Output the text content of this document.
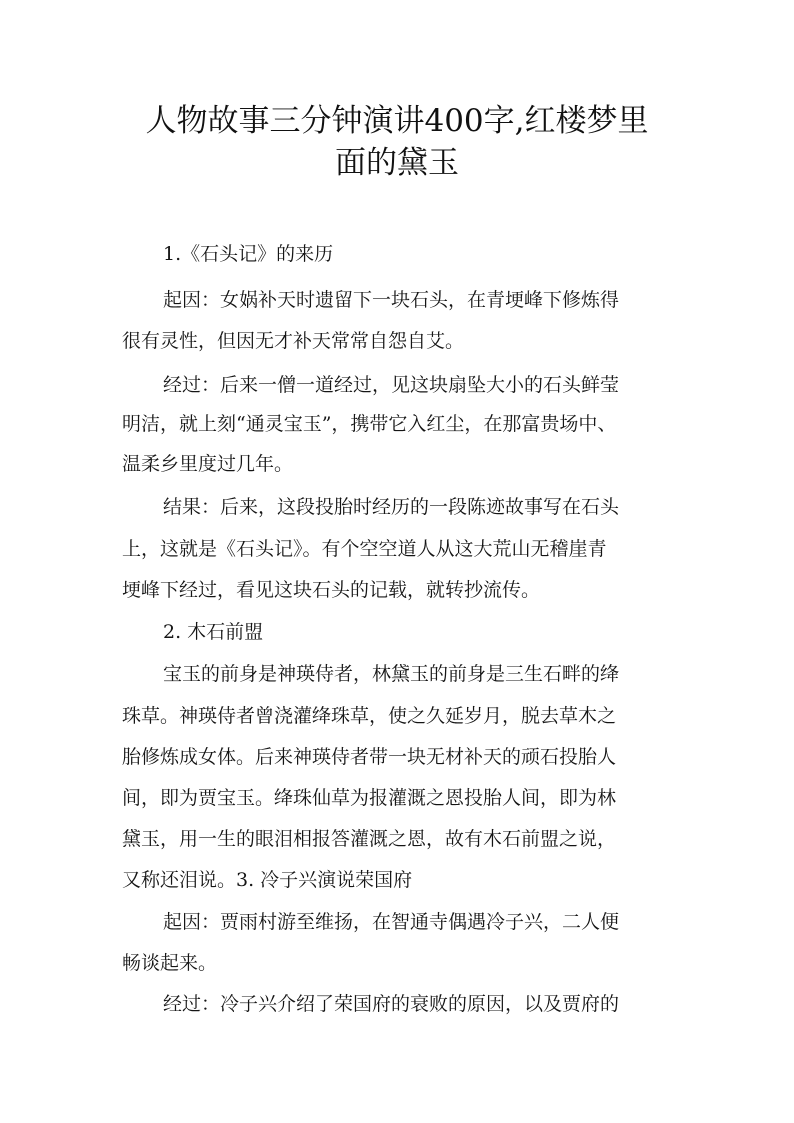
人物故事三分钟演讲400字,红楼梦里
面的黛玉

1.《石头记》的来历

起因：女娲补天时遗留下一块石头，在青埂峰下修炼得

很有灵性，但因无才补天常常自怨自艾。

经过：后来一僧一道经过，见这块扇坠大小的石头鲜莹

明洁，就上刻“通灵宝玉”，携带它入红尘，在那富贵场中、

温柔乡里度过几年。

结果：后来，这段投胎时经历的一段陈迹故事写在石头

上，这就是《石头记》。有个空空道人从这大荒山无稽崖青

埂峰下经过，看见这块石头的记载，就转抄流传。

2. 木石前盟

宝玉的前身是神瑛侍者，林黛玉的前身是三生石畔的绛

珠草。神瑛侍者曾浇灌绛珠草，使之久延岁月，脱去草木之

胎修炼成女体。后来神瑛侍者带一块无材补天的顽石投胎人

间，即为贾宝玉。绛珠仙草为报灌溉之恩投胎人间，即为林

黛玉，用一生的眼泪相报答灌溉之恩，故有木石前盟之说，

又称还泪说。3. 冷子兴演说荣国府

起因：贾雨村游至维扬，在智通寺偶遇冷子兴，二人便

畅谈起来。

经过：冷子兴介绍了荣国府的衰败的原因，以及贾府的
